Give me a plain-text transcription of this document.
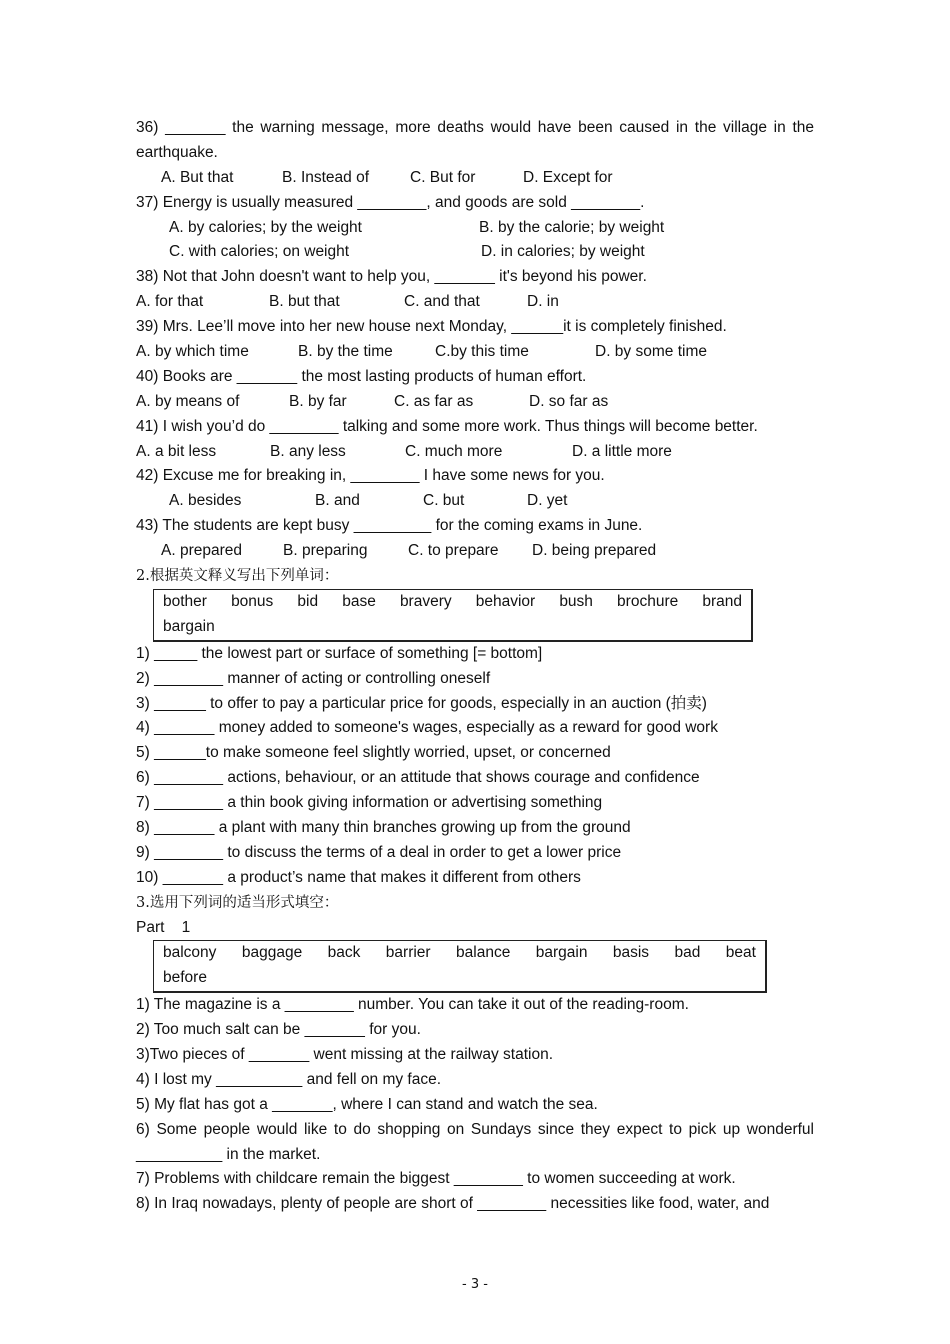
36) _______ the warning message, more deaths would have been caused in the village in the earthquake.
A. But that	B. Instead of	C. But for	D. Except for
37) Energy is usually measured ________, and goods are sold ________.
A. by calories; by the weight	B. by the calorie; by weight
C. with calories; on weight	D. in calories; by weight
38) Not that John doesn't want to help you, _______ it's beyond his power.
A. for that	B. but that	C. and that	D. in
39) Mrs. Lee’ll move into her new house next Monday, ______it is completely finished.
A. by which time	B. by the time	C.by this time	D. by some time
40) Books are _______ the most lasting products of human effort.
A. by means of	B. by far	C. as far as	D. so far as
41) I wish you’d do ________ talking and some more work. Thus things will become better.
A. a bit less	B. any less	C. much more	D. a little more
42) Excuse me for breaking in, ________ I have some news for you.
A. besides	B. and	C. but	D. yet
43) The students are kept busy _________ for the coming exams in June.
A. prepared	B. preparing	C. to prepare D. being prepared
2.根据英文释义写出下列单词：
bother bonus bid base bravery behavior bush brochure brand
bargain
1) _____ the lowest part or surface of something [= bottom]
2) ________ manner of acting or controlling oneself
3) ______ to offer to pay a particular price for goods, especially in an auction (拍卖)
4) _______ money added to someone's wages, especially as a reward for good work
5) ______to make someone feel slightly worried, upset, or concerned
6) ________ actions, behaviour, or an attitude that shows courage and confidence
7) ________ a thin book giving information or advertising something
8) _______ a plant with many thin branches growing up from the ground
9) ________ to discuss the terms of a deal in order to get a lower price
10) _______ a product’s name that makes it different from others
3.选用下列词的适当形式填空：
Part    1
balcony baggage back barrier balance bargain basis bad beat
before
1) The magazine is a ________ number. You can take it out of the reading-room.
2) Too much salt can be _______ for you.
3)Two pieces of _______ went missing at the railway station.
4) I lost my __________ and fell on my face.
5) My flat has got a _______, where I can stand and watch the sea.
6) Some people would like to do shopping on Sundays since they expect to pick up wonderful __________ in the market.
7) Problems with childcare remain the biggest ________ to women succeeding at work.
8) In Iraq nowadays, plenty of people are short of ________ necessities like food, water, and
- 3 -
